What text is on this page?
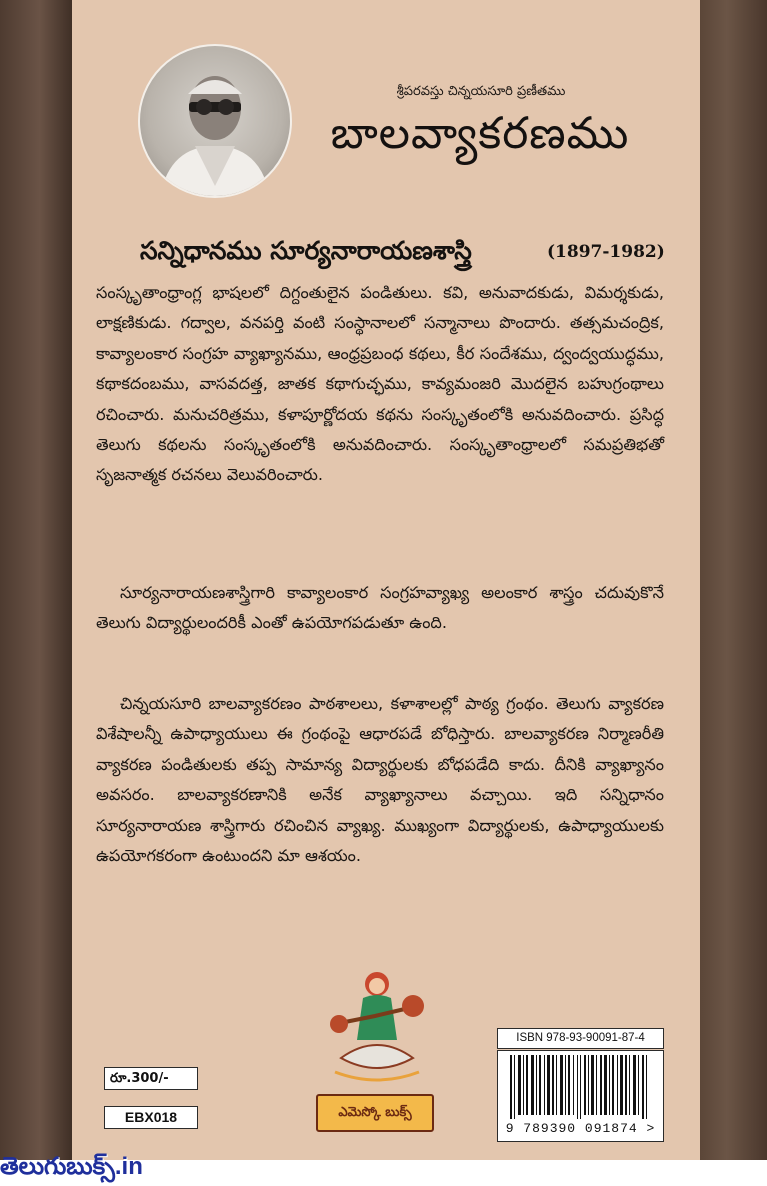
శ్రీపరవస్తు చిన్నయసూరి ప్రణీతము
బాలవ్యాకరణము
సన్నిధానము సూర్యనారాయణశాస్త్రి	(1897-1982)

సంస్కృతాంధ్రాంగ్ల భాషలలో దిగ్దంతులైన పండితులు. కవి, అనువాదకుడు, విమర్శకుడు, లాక్షణికుడు. గద్వాల, వనపర్తి వంటి సంస్థానాలలో సన్మానాలు పొందారు. తత్సమచంద్రిక, కావ్యాలంకార సంగ్రహ వ్యాఖ్యానము, ఆంధ్రప్రబంధ కథలు, కీర సందేశము, ద్వంద్వయుద్ధము, కథాకదంబము, వాసవదత్త, జాతక కథాగుచ్ఛము, కావ్యమంజరి మొదలైన బహుగ్రంథాలు రచించారు. మనుచరిత్రము, కళాపూర్ణోదయ కథను సంస్కృతంలోకి అనువదించారు. ప్రసిద్ధ తెలుగు కథలను సంస్కృతంలోకి అనువదించారు. సంస్కృతాంధ్రాలలో సమప్రతిభతో సృజనాత్మక రచనలు వెలువరించారు.

సూర్యనారాయణశాస్త్రిగారి కావ్యాలంకార సంగ్రహవ్యాఖ్య అలంకార శాస్త్రం చదువుకొనే తెలుగు విద్యార్థులందరికీ ఎంతో ఉపయోగపడుతూ ఉంది.

చిన్నయసూరి బాలవ్యాకరణం పాఠశాలలు, కళాశాలల్లో పాఠ్య గ్రంథం. తెలుగు వ్యాకరణ విశేషాలన్నీ ఉపాధ్యాయులు ఈ గ్రంథంపై ఆధారపడే బోధిస్తారు. బాలవ్యాకరణ నిర్మాణరీతి వ్యాకరణ పండితులకు తప్ప సామాన్య విద్యార్థులకు బోధపడేది కాదు. దీనికి వ్యాఖ్యానం అవసరం. బాలవ్యాకరణానికి అనేక వ్యాఖ్యానాలు వచ్చాయి. ఇది సన్నిధానం సూర్యనారాయణ శాస్త్రిగారు రచించిన వ్యాఖ్య. ముఖ్యంగా విద్యార్థులకు, ఉపాధ్యాయులకు ఉపయోగకరంగా ఉంటుందని మా ఆశయం.

ఎమెస్కో బుక్స్
రూ.300/-
EBX018
ISBN 978-93-90091-87-4
9 789390 091874 >
తెలుగుబుక్స్.in
